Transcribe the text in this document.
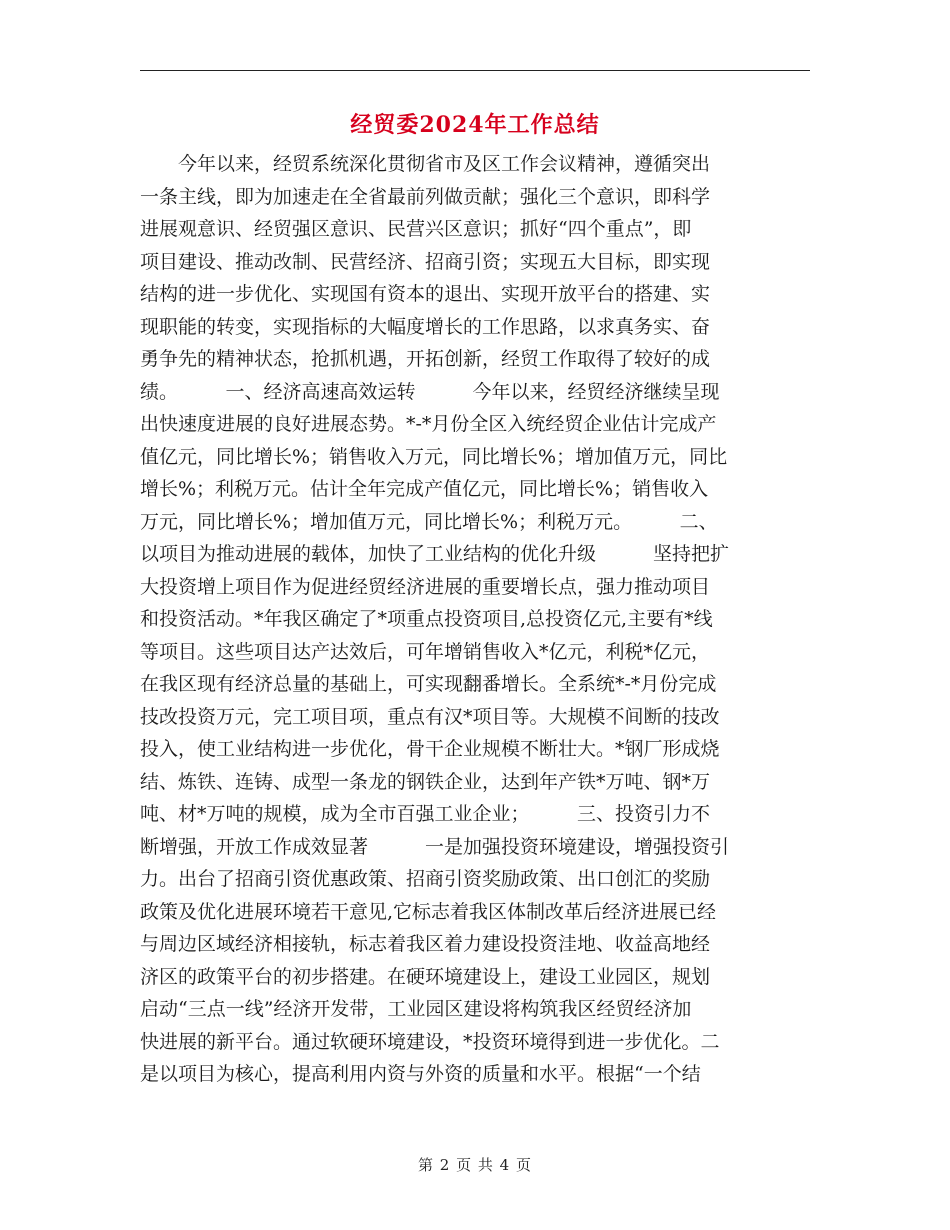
经贸委2024年工作总结
　　今年以来，经贸系统深化贯彻省市及区工作会议精神，遵循突出
一条主线，即为加速走在全省最前列做贡献；强化三个意识，即科学
进展观意识、经贸强区意识、民营兴区意识；抓好“四个重点”，即
项目建设、推动改制、民营经济、招商引资；实现五大目标，即实现
结构的进一步优化、实现国有资本的退出、实现开放平台的搭建、实
现职能的转变，实现指标的大幅度增长的工作思路，以求真务实、奋
勇争先的精神状态，抢抓机遇，开拓创新，经贸工作取得了较好的成
绩。　　　一、经济高速高效运转　　　今年以来，经贸经济继续呈现
出快速度进展的良好进展态势。*-*月份全区入统经贸企业估计完成产
值亿元，同比增长%；销售收入万元，同比增长%；增加值万元，同比
增长%；利税万元。估计全年完成产值亿元，同比增长%；销售收入
万元，同比增长%；增加值万元，同比增长%；利税万元。　　　二、
以项目为推动进展的载体，加快了工业结构的优化升级　　　坚持把扩
大投资增上项目作为促进经贸经济进展的重要增长点，强力推动项目
和投资活动。*年我区确定了*项重点投资项目,总投资亿元,主要有*线
等项目。这些项目达产达效后，可年增销售收入*亿元，利税*亿元，
在我区现有经济总量的基础上，可实现翻番增长。全系统*-*月份完成
技改投资万元，完工项目项，重点有汉*项目等。大规模不间断的技改
投入，使工业结构进一步优化，骨干企业规模不断壮大。*钢厂形成烧
结、炼铁、连铸、成型一条龙的钢铁企业，达到年产铁*万吨、钢*万
吨、材*万吨的规模，成为全市百强工业企业；　　　三、投资引力不
断增强，开放工作成效显著　　　一是加强投资环境建设，增强投资引
力。出台了招商引资优惠政策、招商引资奖励政策、出口创汇的奖励
政策及优化进展环境若干意见,它标志着我区体制改革后经济进展已经
与周边区域经济相接轨，标志着我区着力建设投资洼地、收益高地经
济区的政策平台的初步搭建。在硬环境建设上，建设工业园区，规划
启动“三点一线”经济开发带，工业园区建设将构筑我区经贸经济加
快进展的新平台。通过软硬环境建设，*投资环境得到进一步优化。二
是以项目为核心，提高利用内资与外资的质量和水平。根据“一个结
第 2 页 共 4 页
